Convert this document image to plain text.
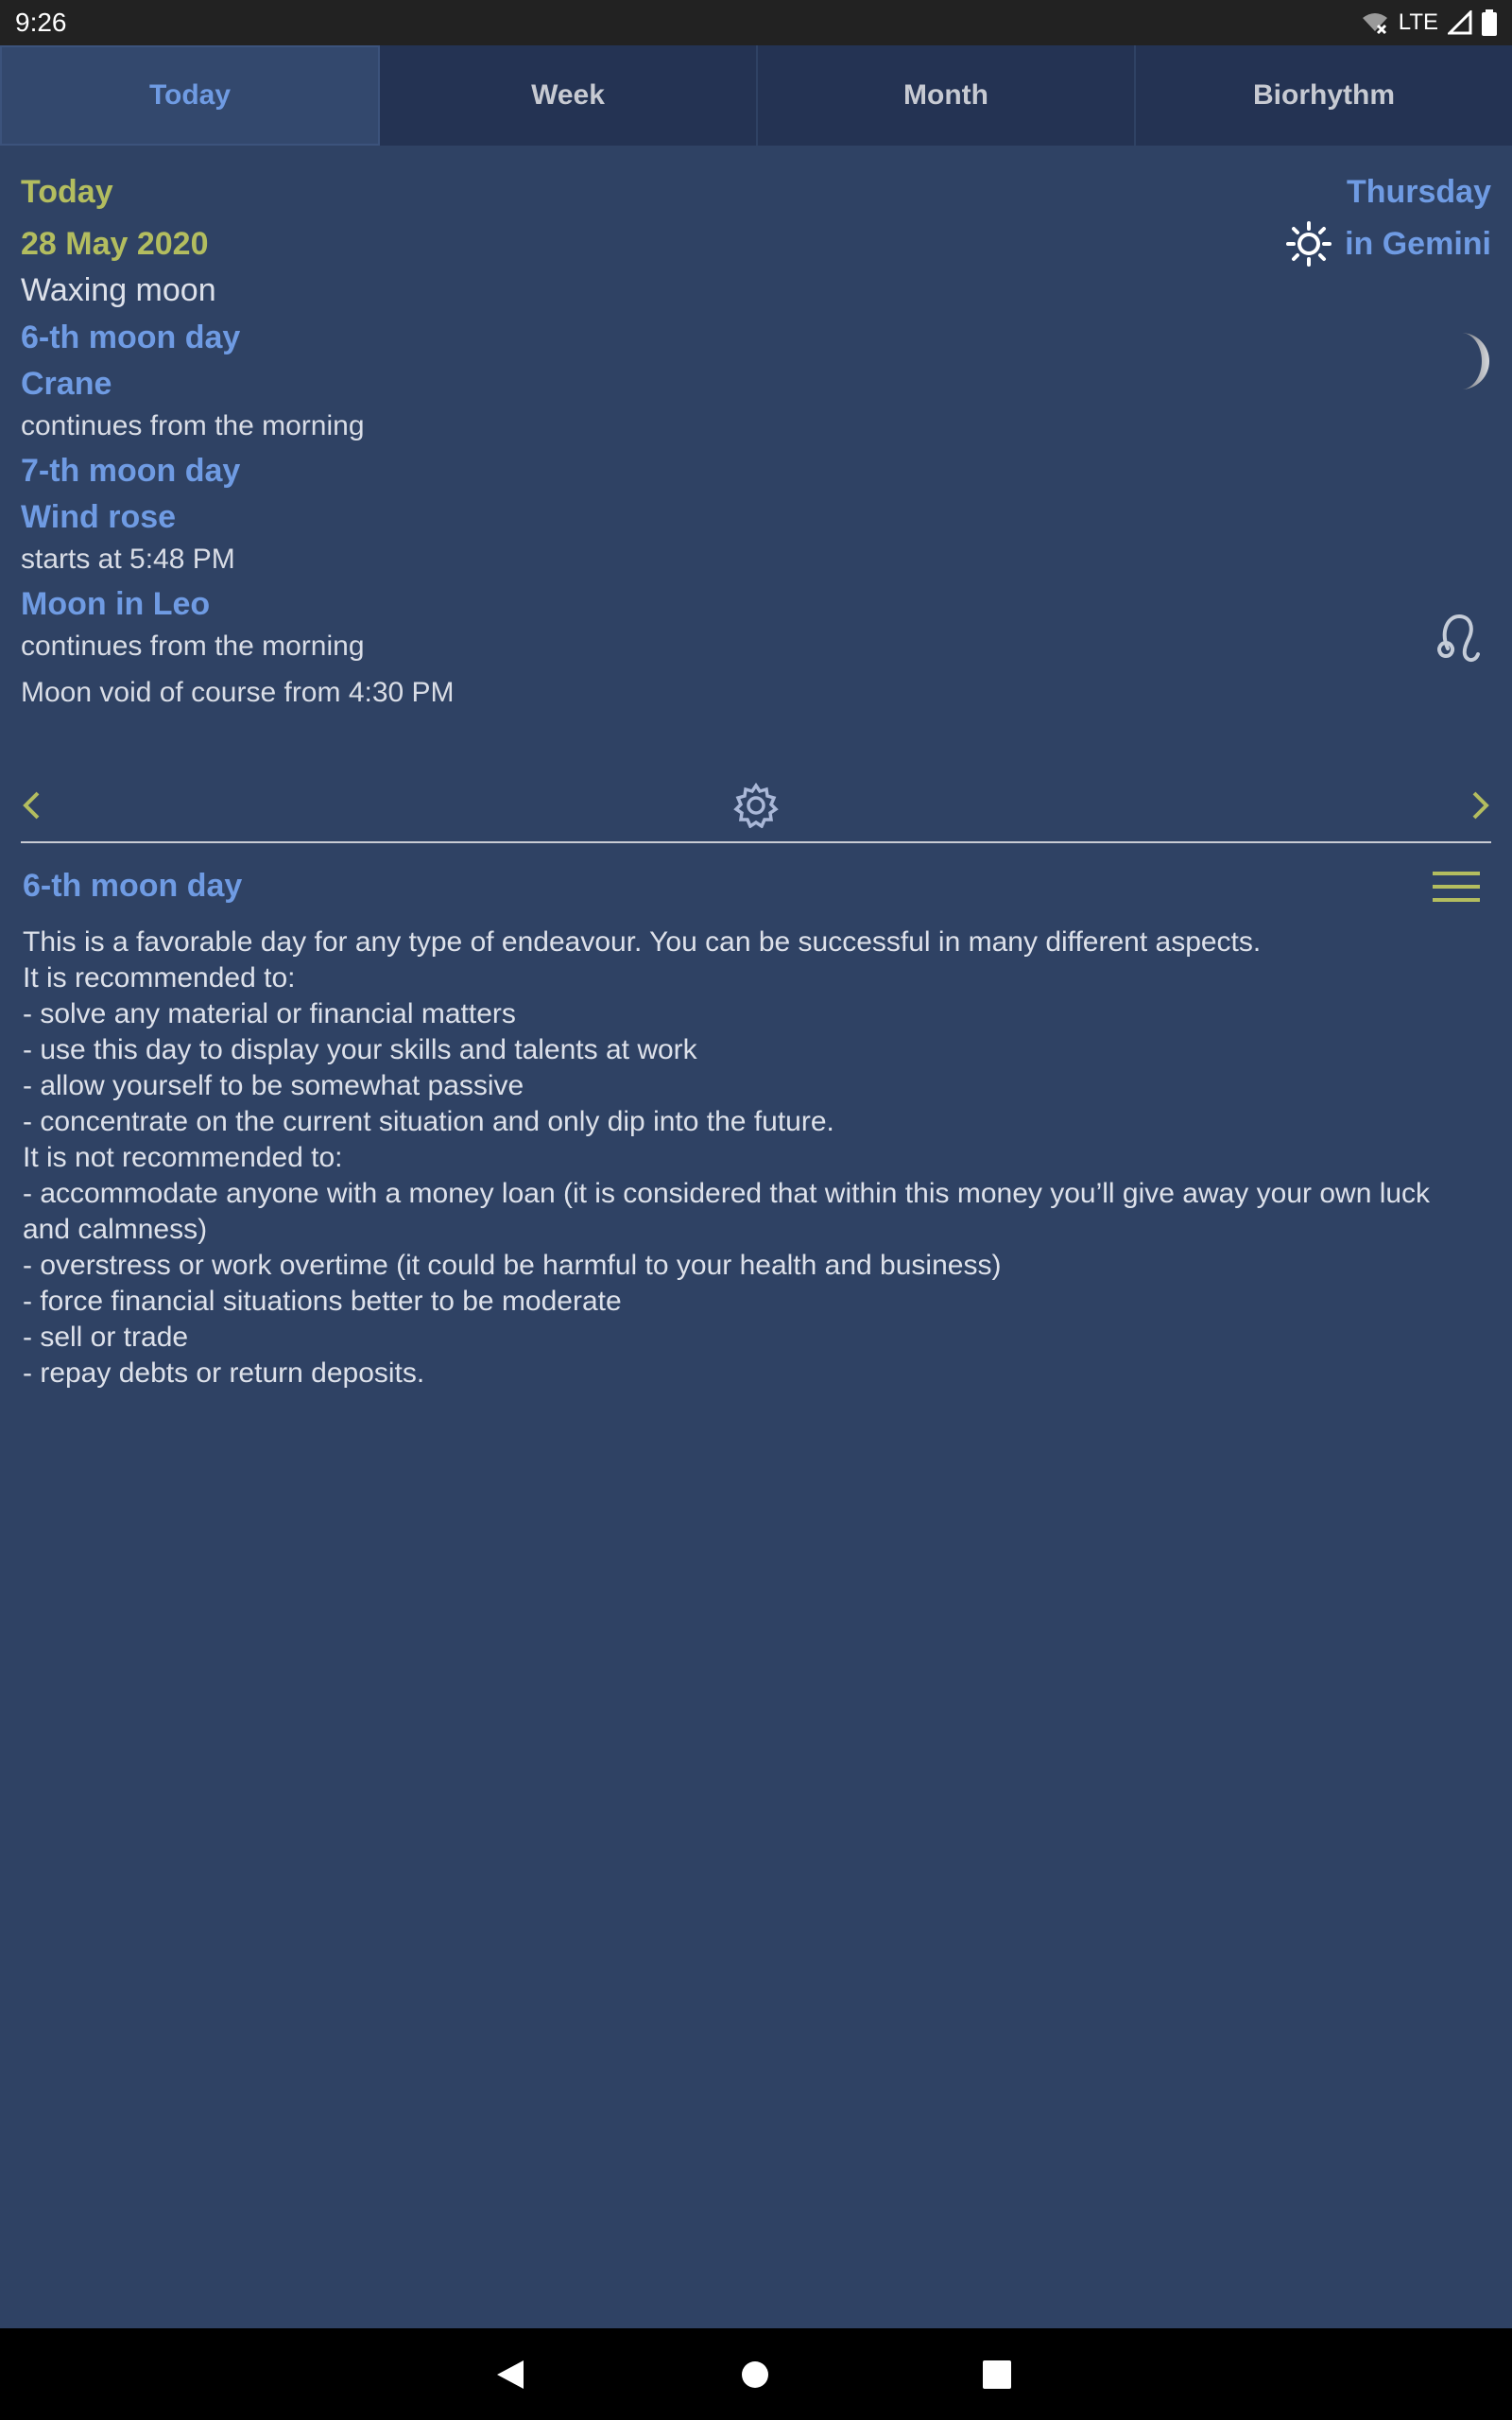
9:26	LTE
Today	Week	Month	Biorhythm
Today
28 May 2020
Waxing moon
6-th moon day
Crane
continues from the morning
7-th moon day
Wind rose
starts at 5:48 PM
Moon in Leo
continues from the morning
Moon void of course from 4:30 PM
Thursday
in Gemini
6-th moon day
This is a favorable day for any type of endeavour. You can be successful in many different aspects.
It is recommended to:
- solve any material or financial matters
- use this day to display your skills and talents at work
- allow yourself to be somewhat passive
- concentrate on the current situation and only dip into the future.
It is not recommended to:
- accommodate anyone with a money loan (it is considered that within this money you’ll give away your own luck and calmness)
- overstress or work overtime (it could be harmful to your health and business)
- force financial situations better to be moderate
- sell or trade
- repay debts or return deposits.
